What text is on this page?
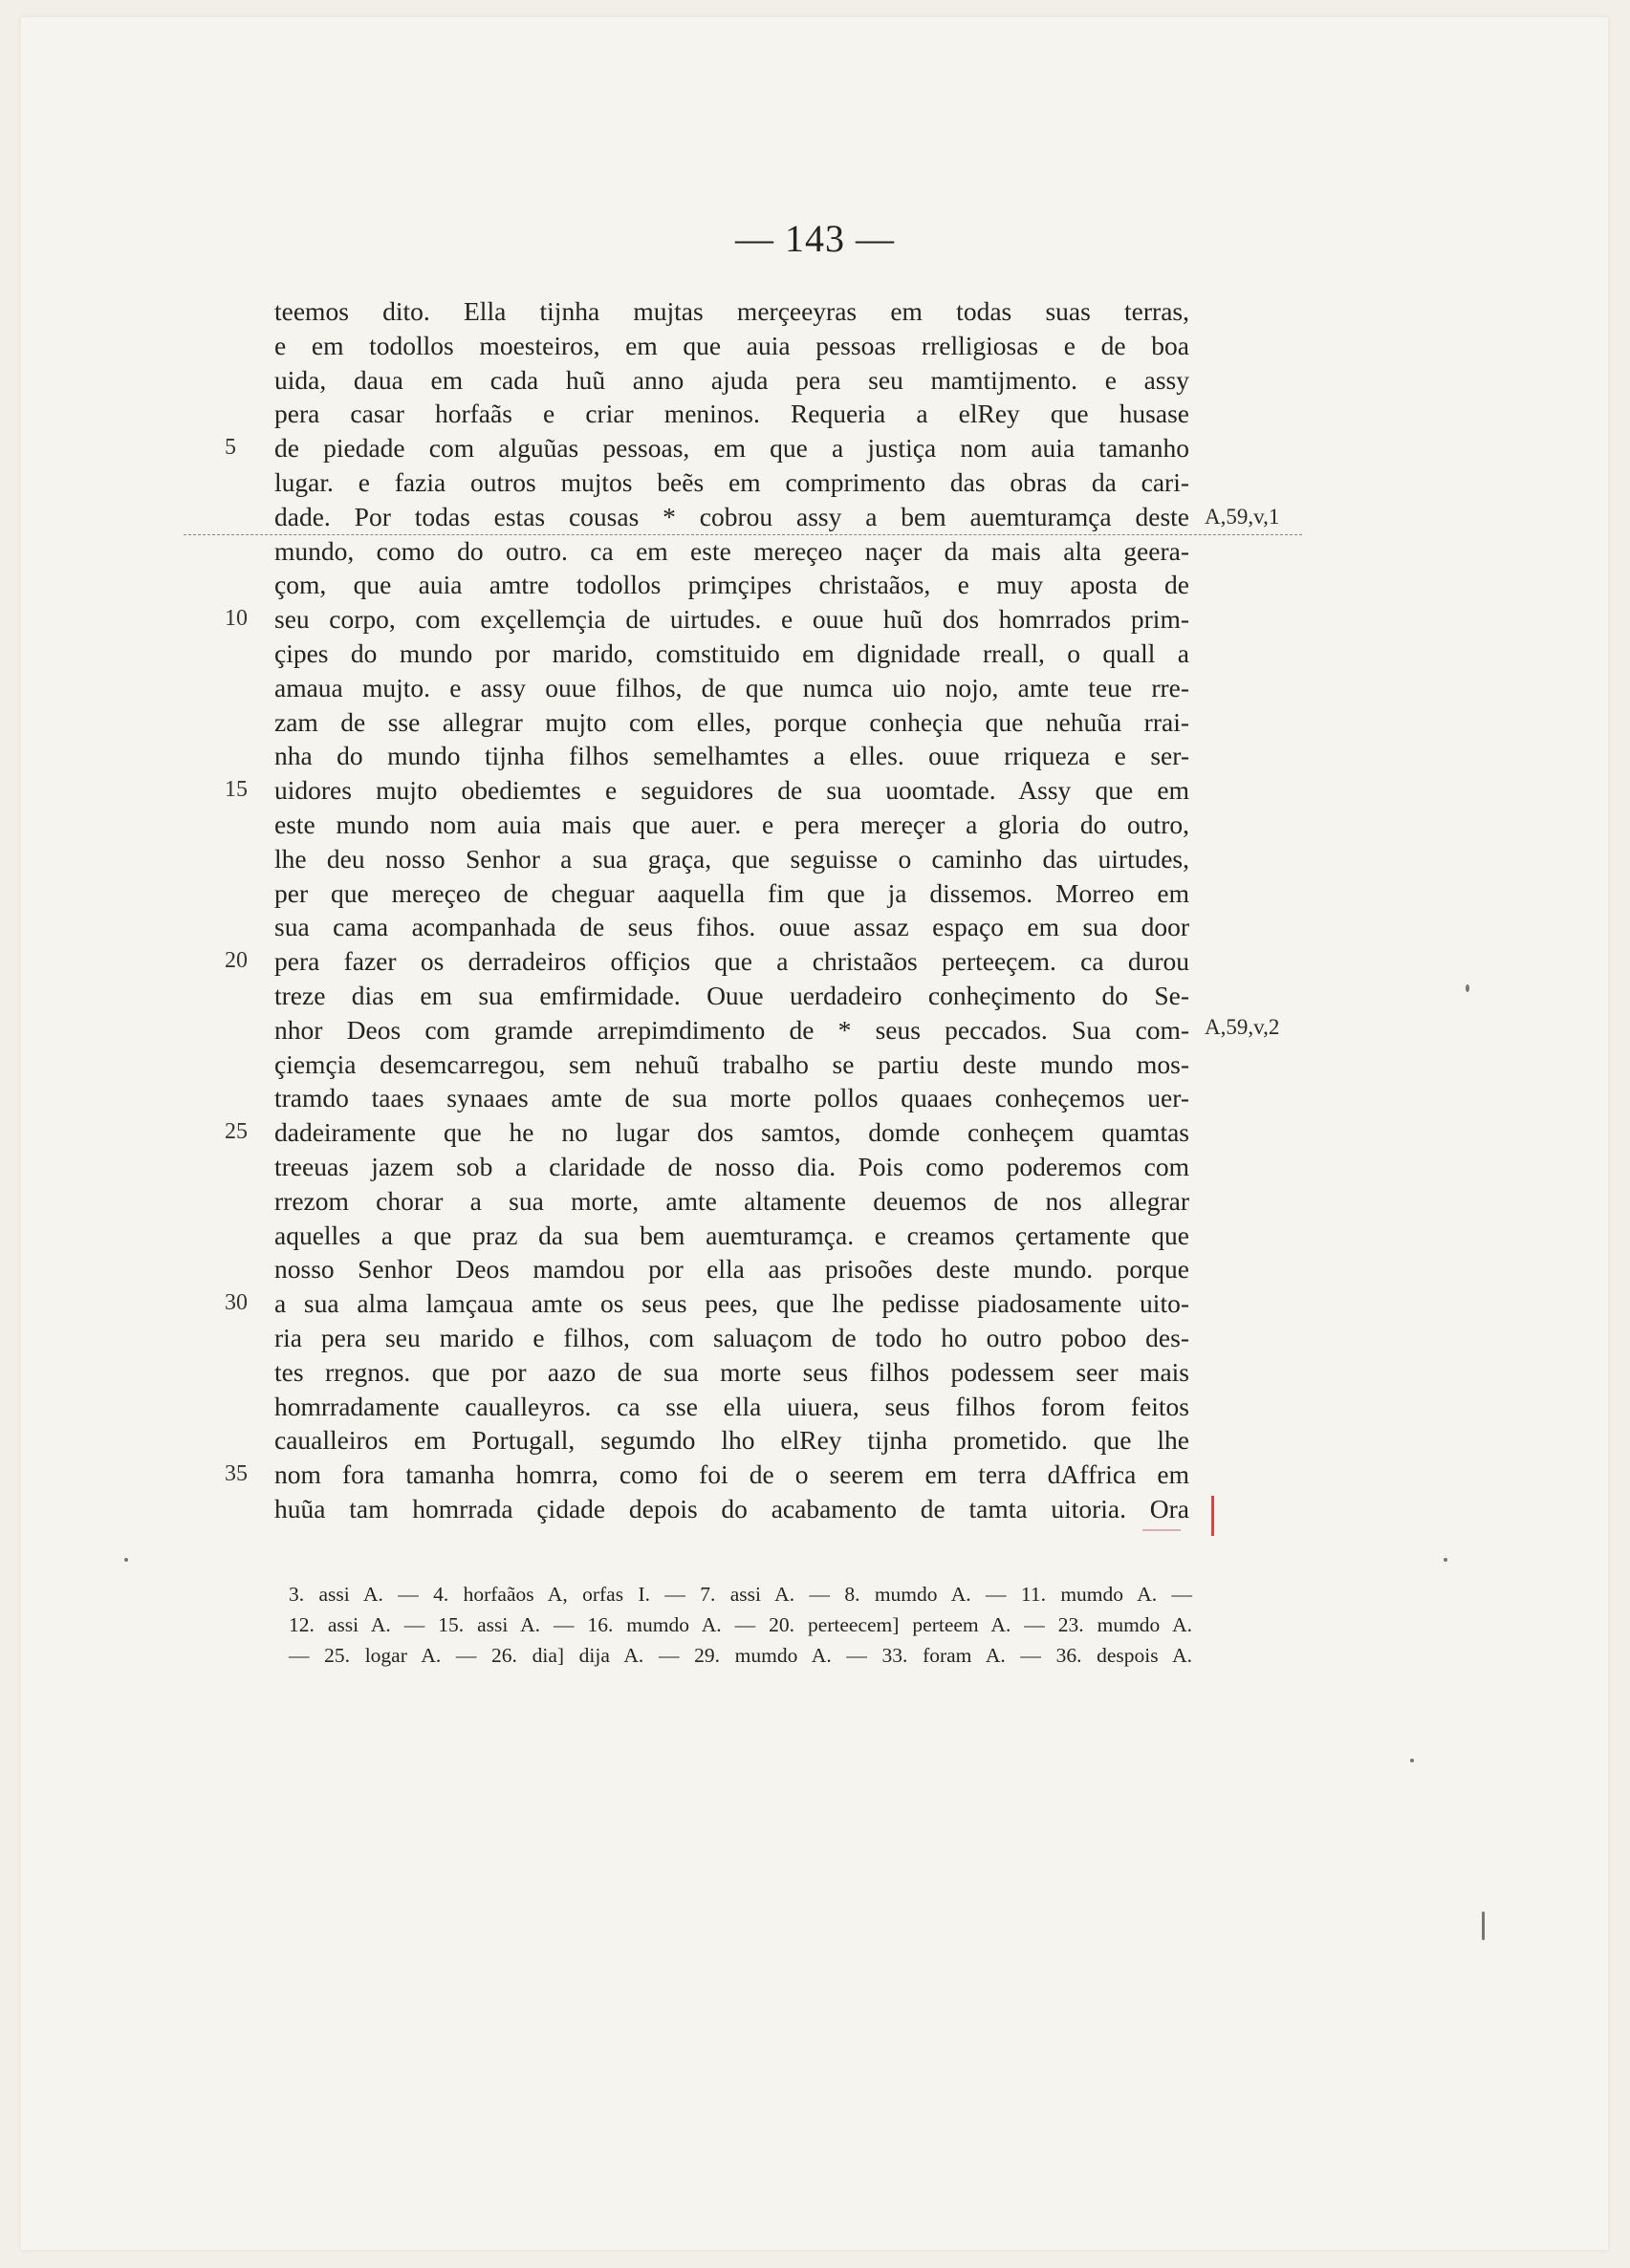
— 143 —
teemos dito. Ella tijnha mujtas merçeeyras em todas suas terras,
e em todollos moesteiros, em que auia pessoas rrelligiosas e de boa
uida, daua em cada huũ anno ajuda pera seu mamtijmento. e assy
pera casar horfaãs e criar meninos. Requeria a elRey que husase
5	de piedade com alguũas pessoas, em que a justiça nom auia tamanho
lugar. e fazia outros mujtos beẽs em comprimento das obras da cari-
dade. Por todas estas cousas * cobrou assy a bem auemturamça deste
mundo, como do outro. ca em este mereçeo naçer da mais alta geera-
çom, que auia amtre todollos primçipes christaãos, e muy aposta de
10 seu corpo, com exçellemçia de uirtudes. e ouue huũ dos homrrados prim-
çipes do mundo por marido, comstituido em dignidade rreall, o quall a
amaua mujto. e assy ouue filhos, de que numca uio nojo, amte teue rre-
zam de sse allegrar mujto com elles, porque conheçia que nehuũa rrai-
nha do mundo tijnha filhos semelhamtes a elles. ouue rriqueza e ser-
15 uidores mujto obediemtes e seguidores de sua uoomtade. Assy que em
este mundo nom auia mais que auer. e pera mereçer a gloria do outro,
lhe deu nosso Senhor a sua graça, que seguisse o caminho das uirtudes,
per que mereçeo de cheguar aaquella fim que ja dissemos. Morreo em
sua cama acompanhada de seus fihos. ouue assaz espaço em sua door
20 pera fazer os derradeiros offiçios que a christaãos perteeçem. ca durou
treze dias em sua emfirmidade. Ouue uerdadeiro conheçimento do Se-
nhor Deos com gramde arrepimdimento de * seus peccados. Sua com-
çiemçia desemcarregou, sem nehuũ trabalho se partiu deste mundo mos-
tramdo taaes synaaes amte de sua morte pollos quaaes conheçemos uer-
25 dadeiramente que he no lugar dos samtos, domde conheçem quamtas
treeuas jazem sob a claridade de nosso dia. Pois como poderemos com
rrezom chorar a sua morte, amte altamente deuemos de nos allegrar
aquelles a que praz da sua bem auemturamça. e creamos çertamente que
nosso Senhor Deos mamdou por ella aas prisoões deste mundo. porque
30 a sua alma lamçaua amte os seus pees, que lhe pedisse piadosamente uito-
ria pera seu marido e filhos, com saluaçom de todo ho outro poboo des-
tes rregnos. que por aazo de sua morte seus filhos podessem seer mais
homrradamente caualleyros. ca sse ella uiuera, seus filhos forom feitos
caualleiros em Portugall, segumdo lho elRey tijnha prometido. que lhe
35 nom fora tamanha homrra, como foi de o seerem em terra dAffrica em
huũa tam homrrada çidade depois do acabamento de tamta uitoria. Ora
A,59,v,1
A,59,v,2
3. assi A. — 4. horfaãos A, orfas I. — 7. assi A. — 8. mumdo A. — 11. mumdo A. —
12. assi A. — 15. assi A. — 16. mumdo A. — 20. perteecem] perteem A. — 23. mumdo A.
— 25. logar A. — 26. dia] dija A. — 29. mumdo A. — 33. foram A. — 36. despois A.
